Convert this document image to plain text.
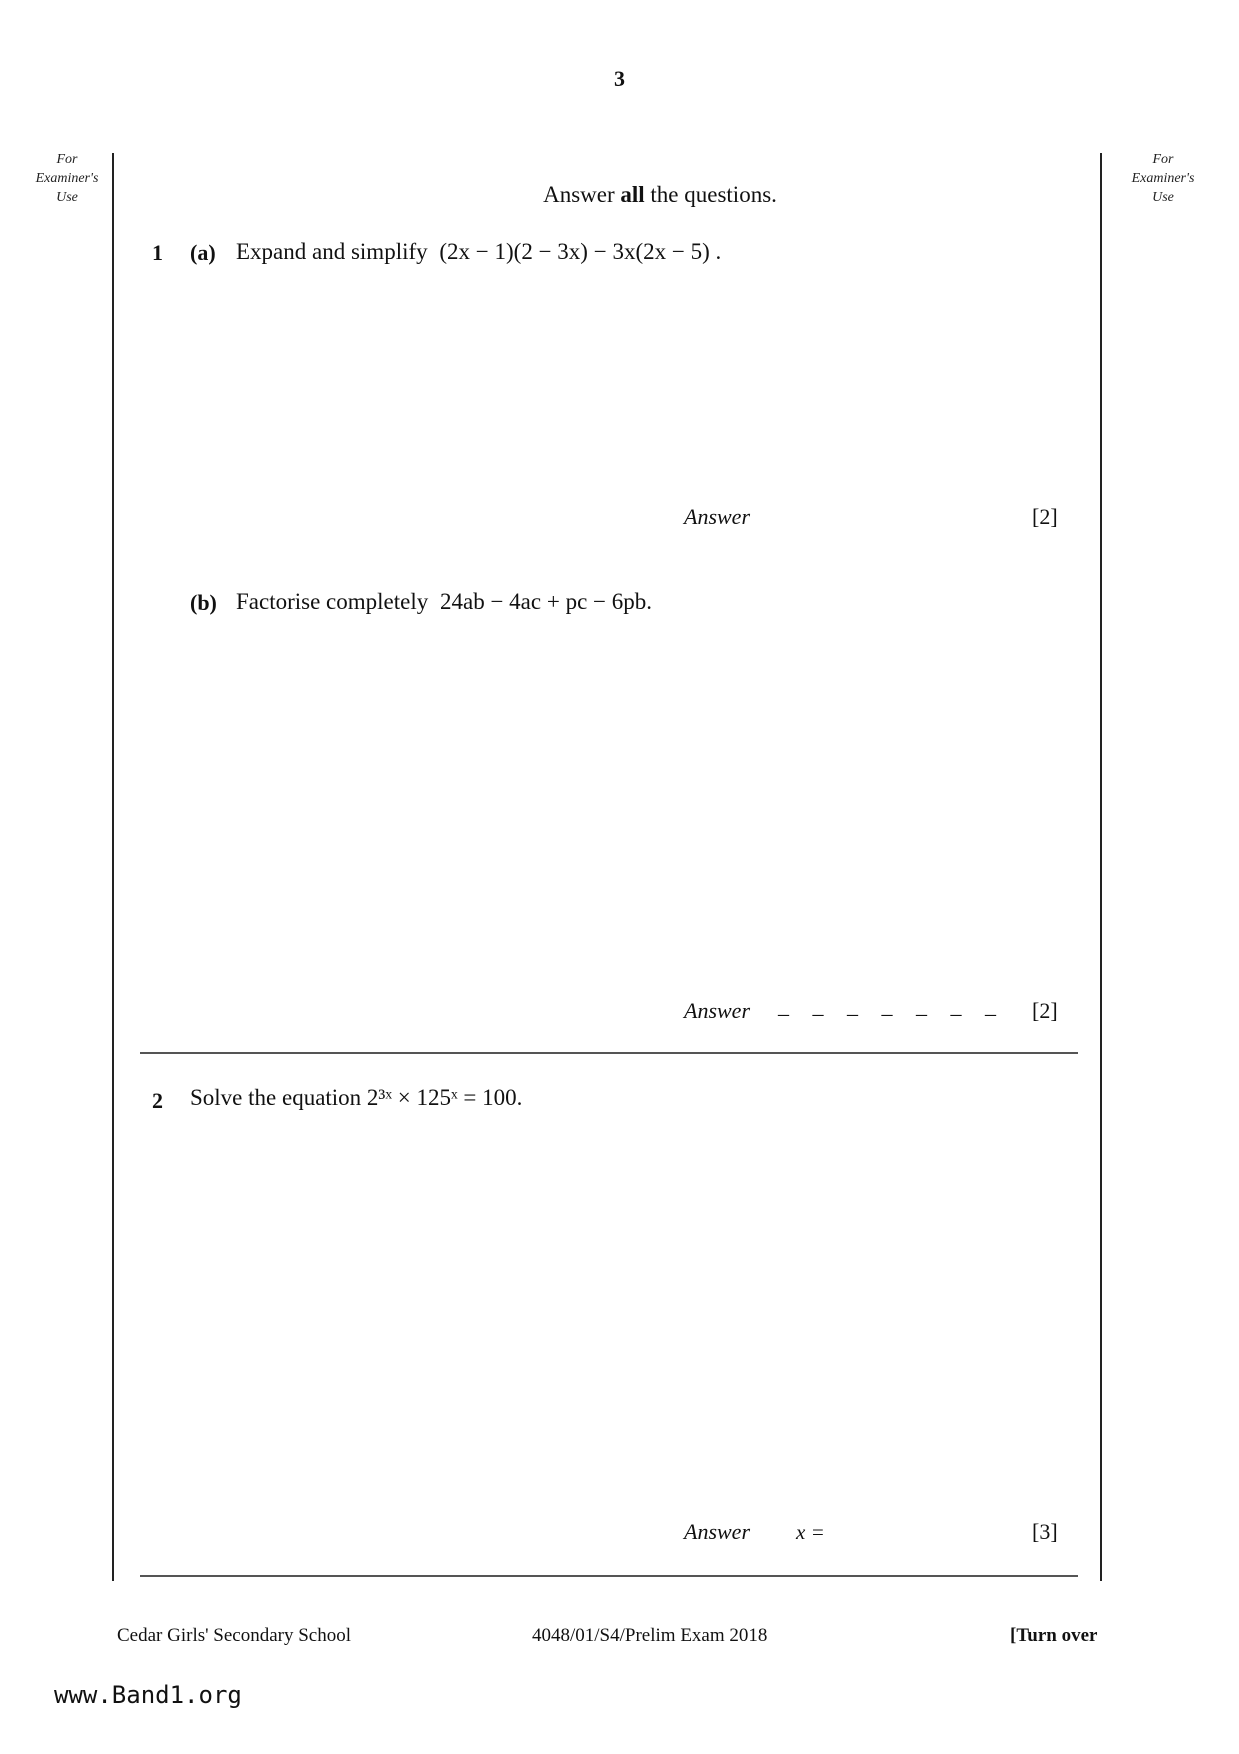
3
For
Examiner's
Use
For
Examiner's
Use
Answer all the questions.
1 (a) Expand and simplify (2x − 1)(2 − 3x) − 3x(2x − 5) .
Answer	[2]
(b) Factorise completely 24ab − 4ac + pc − 6pb.
Answer _ _ _ _ _ _ _	[2]
2 Solve the equation 2³ˣ × 125ˣ = 100.
Answer x =	[3]
Cedar Girls' Secondary School	4048/01/S4/Prelim Exam 2018	[Turn over
www.Band1.org
